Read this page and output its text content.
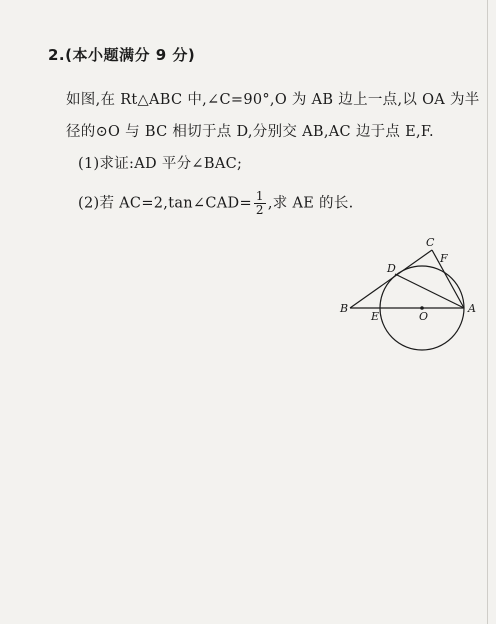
2.(本小题满分 9 分)
如图,在 Rt△ABC 中,∠C=90°,O 为 AB 边上一点,以 OA 为半
径的⊙O 与 BC 相切于点 D,分别交 AB,AC 边于点 E,F.
(1)求证:AD 平分∠BAC;
(2)若 AC=2,tan∠CAD= $\frac{1}{2}$ ,求 AE 的长.
C
D
F
B
E	O
A
